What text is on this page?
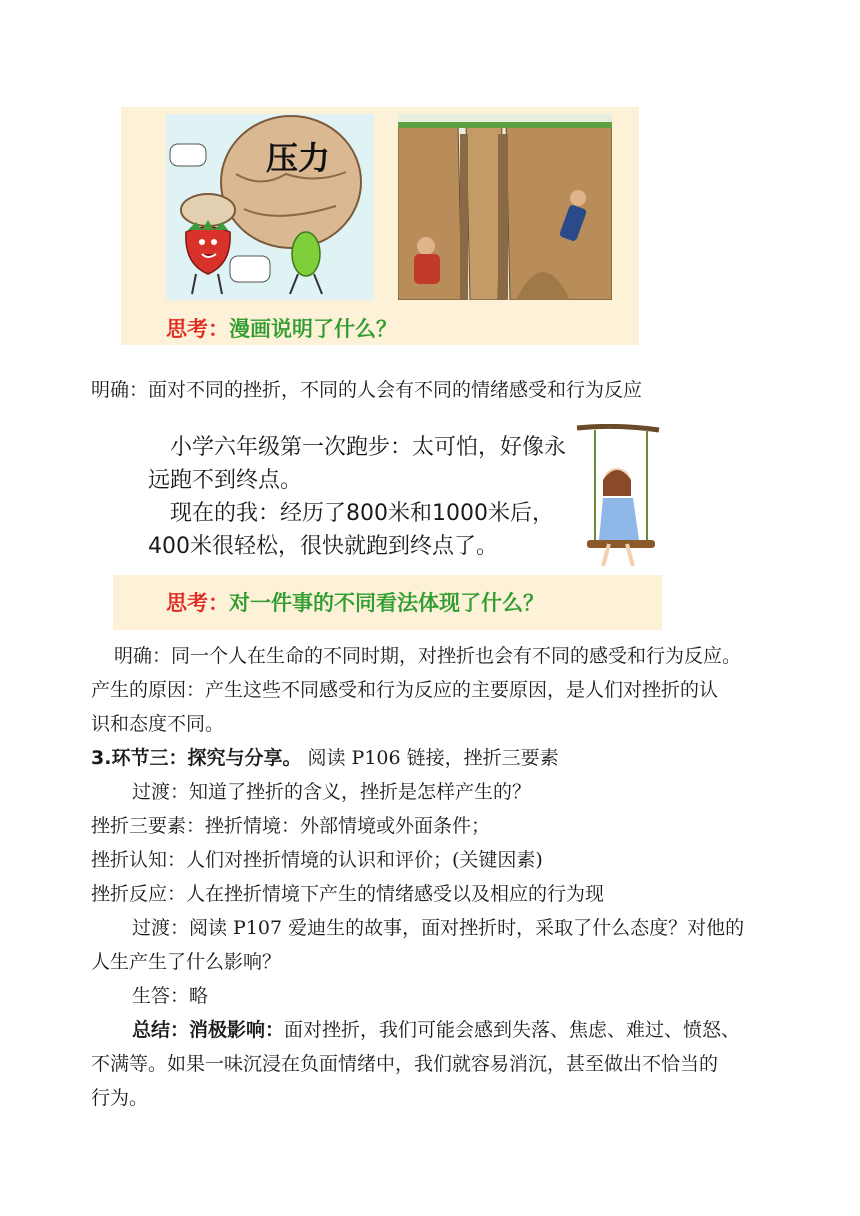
压力
思考：漫画说明了什么？
明确：面对不同的挫折，不同的人会有不同的情绪感受和行为反应
小学六年级第一次跑步：太可怕，好像永远跑不到终点。
现在的我：经历了800米和1000米后，400米很轻松，很快就跑到终点了。
思考：对一件事的不同看法体现了什么？
明确：同一个人在生命的不同时期，对挫折也会有不同的感受和行为反应。
产生的原因：产生这些不同感受和行为反应的主要原因，是人们对挫折的认
识和态度不同。
3.环节三：探究与分享。 阅读 P106 链接，挫折三要素
过渡：知道了挫折的含义，挫折是怎样产生的？
挫折三要素：挫折情境：外部情境或外面条件；
挫折认知：人们对挫折情境的认识和评价；(关键因素)
挫折反应：人在挫折情境下产生的情绪感受以及相应的行为现
过渡：阅读 P107 爱迪生的故事，面对挫折时，采取了什么态度？对他的
人生产生了什么影响？
生答：略
总结：消极影响：面对挫折，我们可能会感到失落、焦虑、难过、愤怒、
不满等。如果一味沉浸在负面情绪中，我们就容易消沉，甚至做出不恰当的
行为。
